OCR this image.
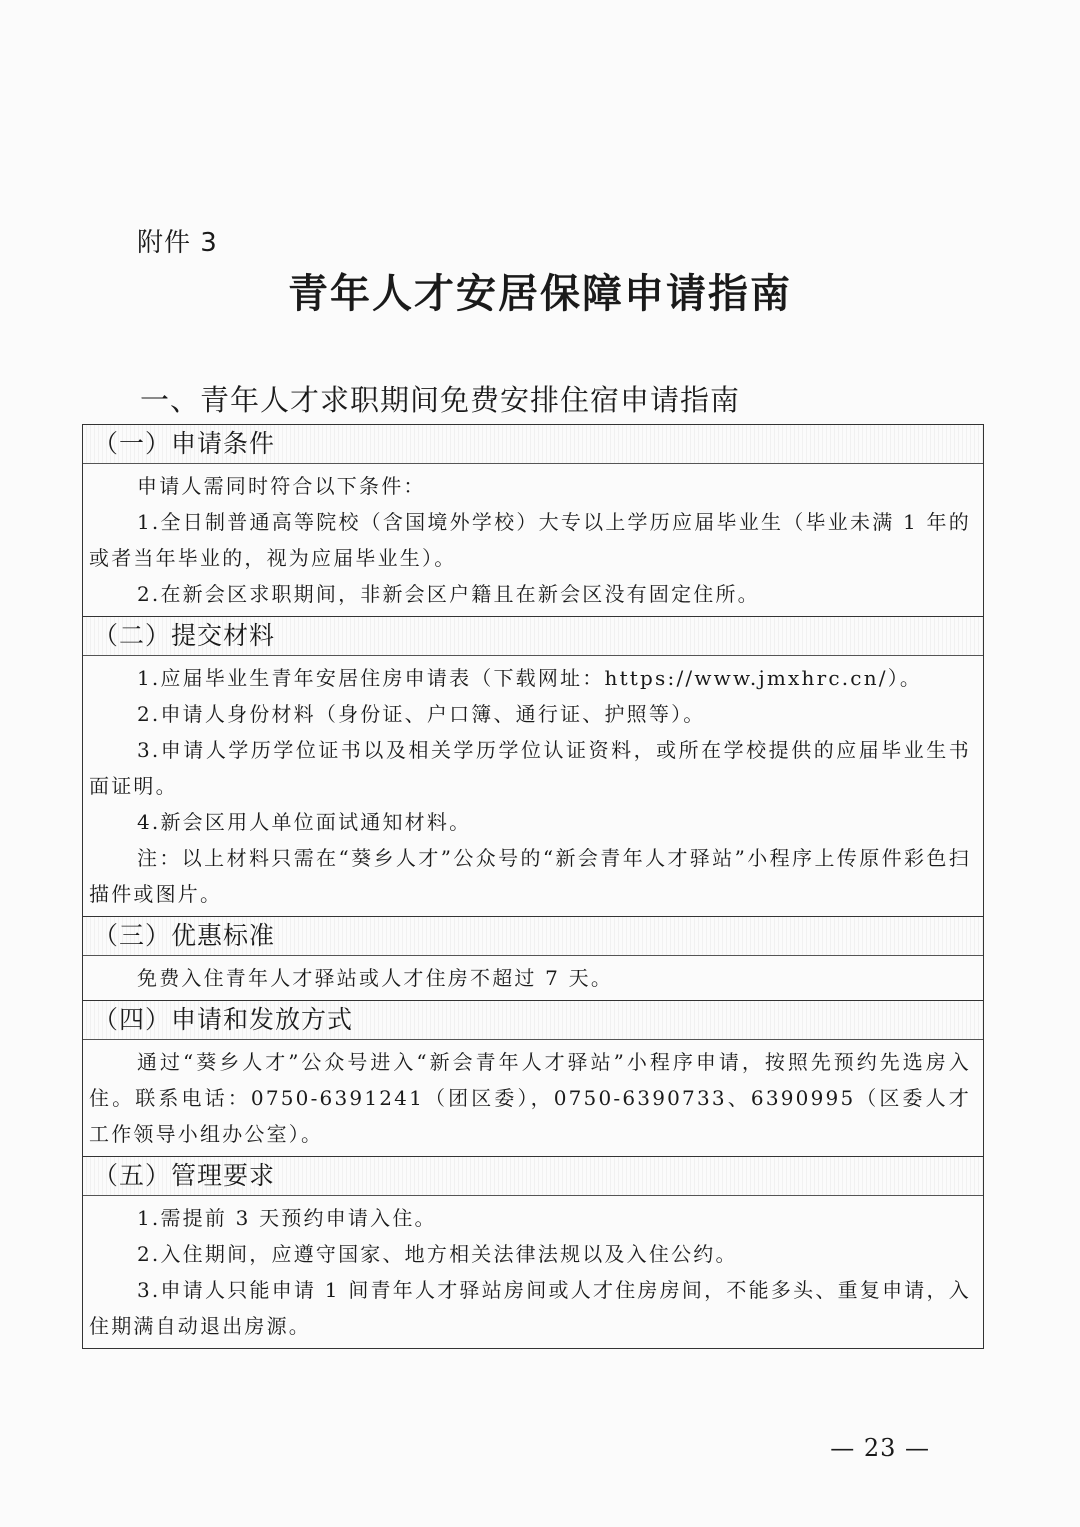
附件 3
青年人才安居保障申请指南
一、青年人才求职期间免费安排住宿申请指南
（一）申请条件

申请人需同时符合以下条件：

1.全日制普通高等院校（含国境外学校）大专以上学历应届毕业生（毕业未满 1 年的或者当年毕业的，视为应届毕业生）。

2.在新会区求职期间，非新会区户籍且在新会区没有固定住所。

（二）提交材料

1.应届毕业生青年安居住房申请表（下载网址：https://www.jmxhrc.cn/）。

2.申请人身份材料（身份证、户口簿、通行证、护照等）。

3.申请人学历学位证书以及相关学历学位认证资料，或所在学校提供的应届毕业生书面证明。

4.新会区用人单位面试通知材料。

注：以上材料只需在“葵乡人才”公众号的“新会青年人才驿站”小程序上传原件彩色扫描件或图片。

（三）优惠标准

免费入住青年人才驿站或人才住房不超过 7 天。

（四）申请和发放方式

通过“葵乡人才”公众号进入“新会青年人才驿站”小程序申请，按照先预约先选房入住。联系电话：0750-6391241（团区委），0750-6390733、6390995（区委人才工作领导小组办公室）。

（五）管理要求

1.需提前 3 天预约申请入住。

2.入住期间，应遵守国家、地方相关法律法规以及入住公约。

3.申请人只能申请 1 间青年人才驿站房间或人才住房房间，不能多头、重复申请，入住期满自动退出房源。

— 23 —
